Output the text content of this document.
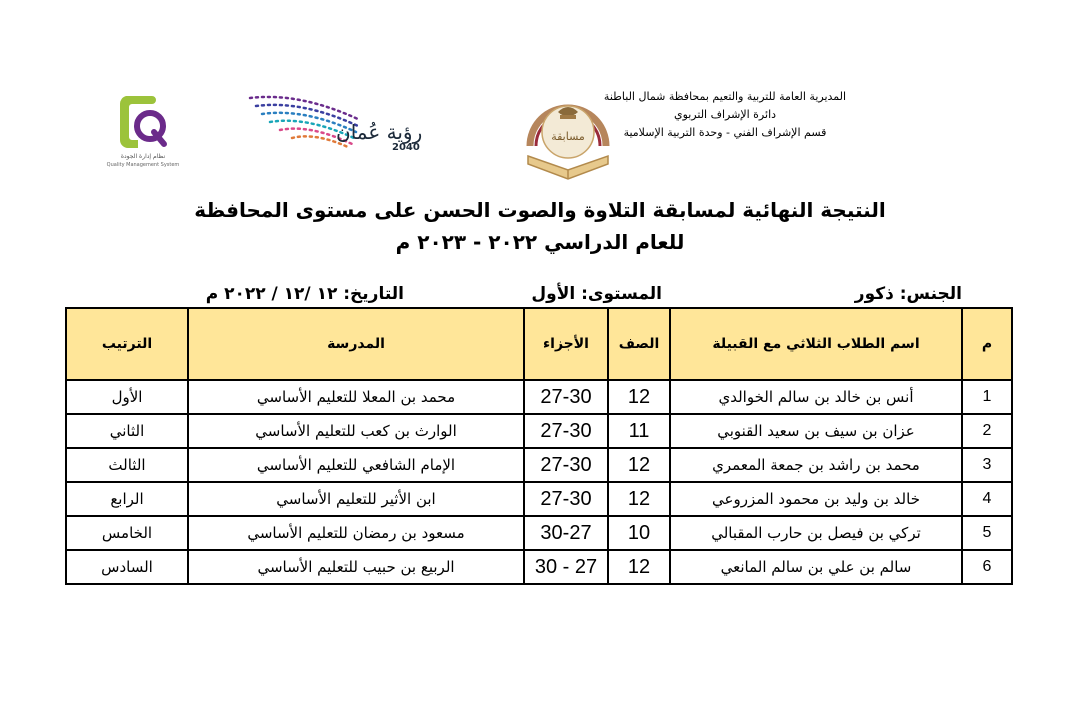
المديرية العامة للتربية والتعيم بمحافظة شمال الباطنة
دائرة الإشراف التربوي
قسم الإشراف الفني - وحدة التربية الإسلامية
مسابقة
رؤية عُمان
2040
نظام إدارة الجودة
Quality Management System
النتيجة النهائية لمسابقة التلاوة والصوت الحسن على مستوى المحافظة
للعام الدراسي ٢٠٢٢ - ٢٠٢٣ م
الجنس: ذكور
المستوى: الأول
التاريخ: ١٢ /١٢ / ٢٠٢٢ م
م	اسم الطلاب الثلاثي مع القبيلة	الصف	الأجزاء	المدرسة	الترتيب
1	أنس بن خالد بن سالم الخوالدي	12	27-30	محمد بن المعلا للتعليم الأساسي	الأول
2	عزان بن سيف بن سعيد القنوبي	11	27-30	الوارث بن كعب للتعليم الأساسي	الثاني
3	محمد بن راشد بن جمعة المعمري	12	27-30	الإمام الشافعي للتعليم الأساسي	الثالث
4	خالد بن وليد بن محمود المزروعي	12	27-30	ابن الأثير للتعليم الأساسي	الرابع
5	تركي بن فيصل بن حارب المقبالي	10	30-27	مسعود بن رمضان للتعليم الأساسي	الخامس
6	سالم بن علي بن سالم المانعي	12	27 - 30	الربيع بن حبيب للتعليم الأساسي	السادس
